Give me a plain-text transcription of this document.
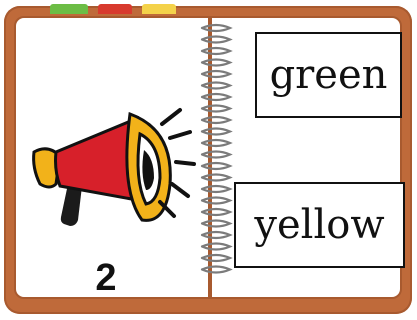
green
yellow
2
